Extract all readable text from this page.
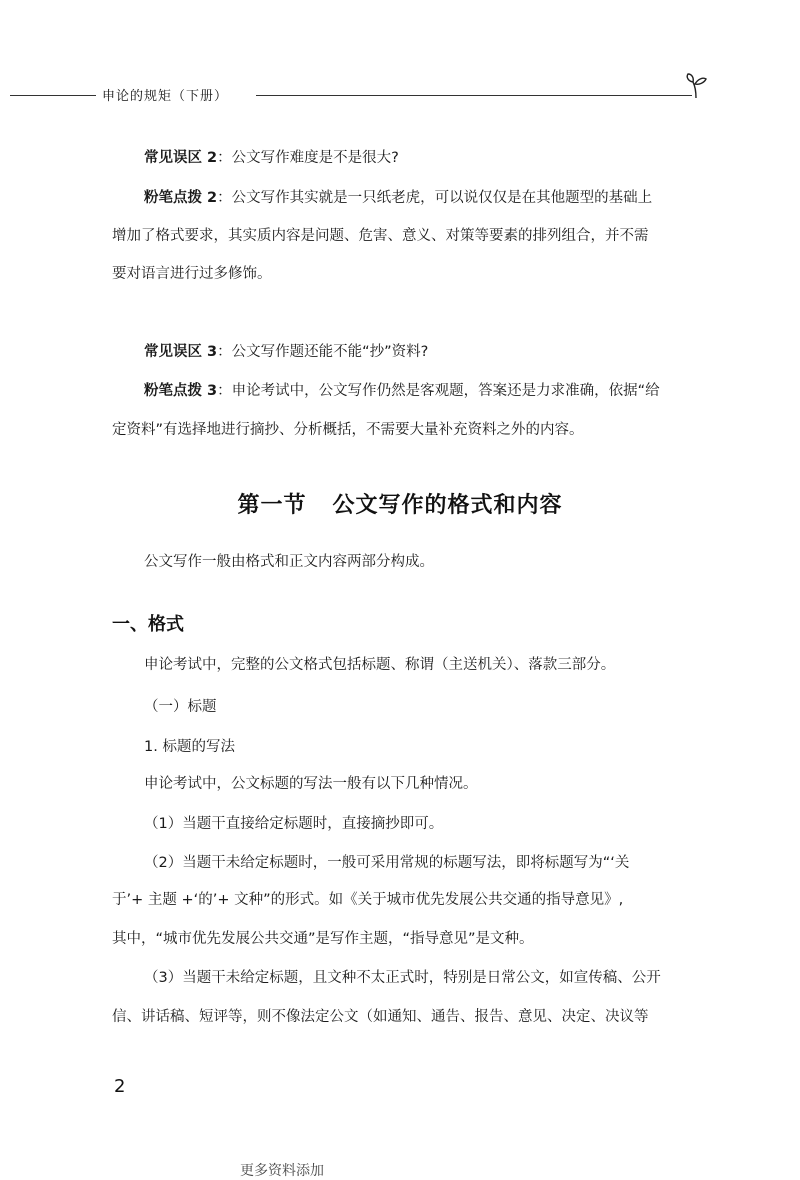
申论的规矩（下册）
常见误区 2：公文写作难度是不是很大?
粉笔点拨 2：公文写作其实就是一只纸老虎，可以说仅仅是在其他题型的基础上
增加了格式要求，其实质内容是问题、危害、意义、对策等要素的排列组合，并不需
要对语言进行过多修饰。
常见误区 3：公文写作题还能不能“抄”资料?
粉笔点拨 3：申论考试中，公文写作仍然是客观题，答案还是力求准确，依据“给
定资料”有选择地进行摘抄、分析概括，不需要大量补充资料之外的内容。
第一节 公文写作的格式和内容
公文写作一般由格式和正文内容两部分构成。
一、格式
申论考试中，完整的公文格式包括标题、称谓（主送机关）、落款三部分。
（一）标题
1. 标题的写法
申论考试中，公文标题的写法一般有以下几种情况。
（1）当题干直接给定标题时，直接摘抄即可。
（2）当题干未给定标题时，一般可采用常规的标题写法，即将标题写为“‘关
于’+ 主题 +‘的’+ 文种”的形式。如《关于城市优先发展公共交通的指导意见》,
其中，“城市优先发展公共交通”是写作主题，“指导意见”是文种。
（3）当题干未给定标题，且文种不太正式时，特别是日常公文，如宣传稿、公开
信、讲话稿、短评等，则不像法定公文（如通知、通告、报告、意见、决定、决议等
2
更多资料添加
